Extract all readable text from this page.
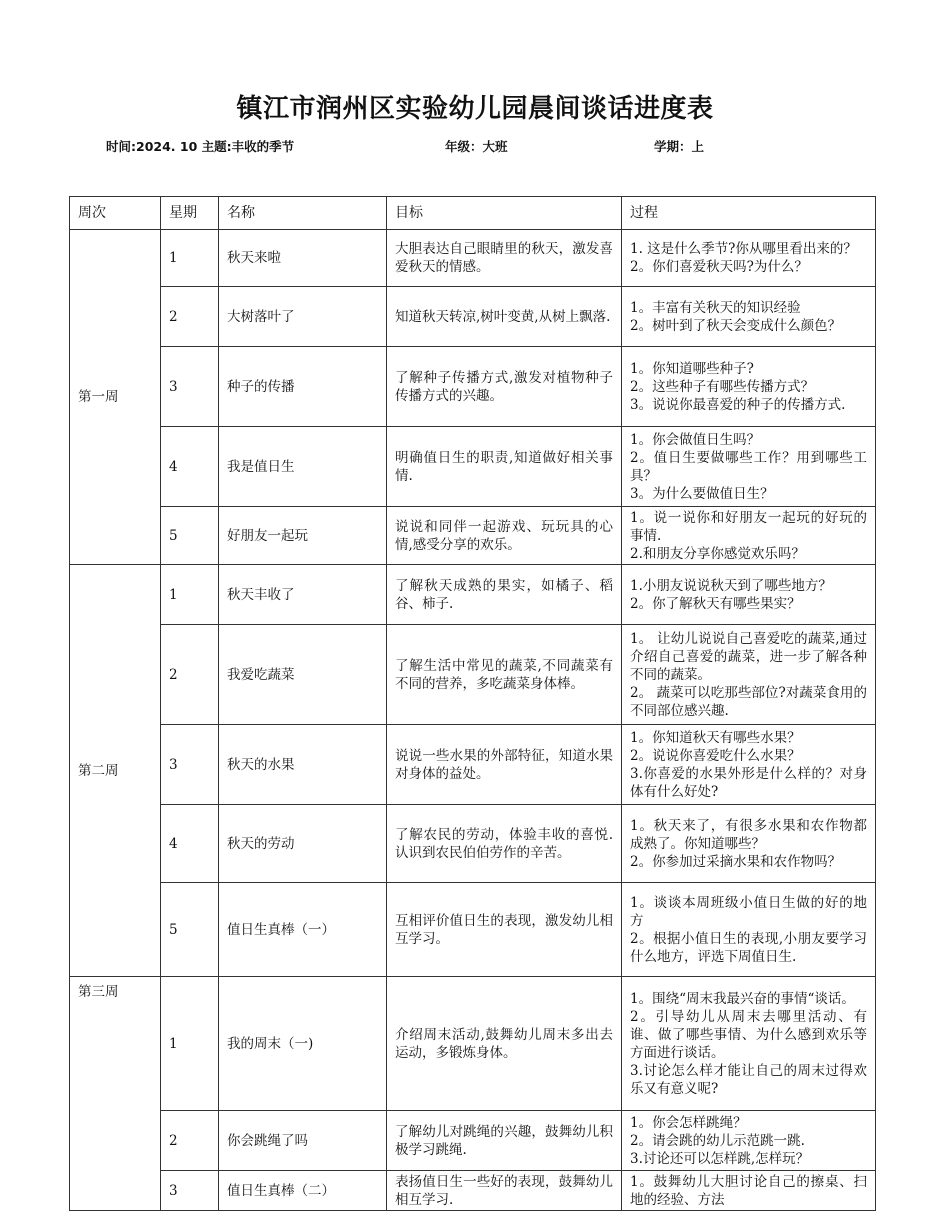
镇江市润州区实验幼儿园晨间谈话进度表
时间:2024. 10 主题:丰收的季节	年级：大班	学期：上
周次	星期	名称	目标	过程
第一周	1	秋天来啦	大胆表达自己眼睛里的秋天，激发喜爱秋天的情感。	1. 这是什么季节?你从哪里看出来的？
2。你们喜爱秋天吗?为什么？

	2	大树落叶了	知道秋天转凉,树叶变黄,从树上飘落.	1。丰富有关秋天的知识经验
2。树叶到了秋天会变成什么颜色？

	3	种子的传播	了解种子传播方式,激发对植物种子传播方式的兴趣。	1。你知道哪些种子?
2。这些种子有哪些传播方式？
3。说说你最喜爱的种子的传播方式.

	4	我是值日生	明确值日生的职责,知道做好相关事情.	1。你会做值日生吗？
2。值日生要做哪些工作？用到哪些工具？
3。为什么要做值日生？

	5	好朋友一起玩	说说和同伴一起游戏、玩玩具的心情,感受分享的欢乐。	1。说一说你和好朋友一起玩的好玩的事情.
2.和朋友分享你感觉欢乐吗？

第二周	1	秋天丰收了	了解秋天成熟的果实，如橘子、稻谷、柿子.	1.小朋友说说秋天到了哪些地方？
2。你了解秋天有哪些果实？

	2	我爱吃蔬菜	了解生活中常见的蔬菜,不同蔬菜有不同的营养，多吃蔬菜身体棒。	1。 让幼儿说说自己喜爱吃的蔬菜,通过介绍自己喜爱的蔬菜，进一步了解各种不同的蔬菜。
2。 蔬菜可以吃那些部位?对蔬菜食用的不同部位感兴趣.

	3	秋天的水果	说说一些水果的外部特征，知道水果对身体的益处。	1。你知道秋天有哪些水果？
2。说说你喜爱吃什么水果？
3.你喜爱的水果外形是什么样的？对身体有什么好处?

	4	秋天的劳动	了解农民的劳动，体验丰收的喜悦.认识到农民伯伯劳作的辛苦。	1。秋天来了，有很多水果和农作物都成熟了。你知道哪些？
2。你参加过采摘水果和农作物吗？

	5	值日生真棒（一）	互相评价值日生的表现，激发幼儿相互学习。	1。谈谈本周班级小值日生做的好的地方
2。根据小值日生的表现,小朋友要学习什么地方，评选下周值日生.

第三周	1	我的周末（一)	介绍周末活动,鼓舞幼儿周末多出去运动，多锻炼身体。	1。围绕“周末我最兴奋的事情“谈话。
2。引导幼儿从周末去哪里活动、有谁、做了哪些事情、为什么感到欢乐等方面进行谈话。
3.讨论怎么样才能让自己的周末过得欢乐又有意义呢?

	2	你会跳绳了吗	了解幼儿对跳绳的兴趣，鼓舞幼儿积极学习跳绳.	1。你会怎样跳绳？
2。请会跳的幼儿示范跳一跳.
3.讨论还可以怎样跳,怎样玩？

	3	值日生真棒（二）	表扬值日生一些好的表现，鼓舞幼儿相互学习.	1。鼓舞幼儿大胆讨论自己的擦桌、扫地的经验、方法
